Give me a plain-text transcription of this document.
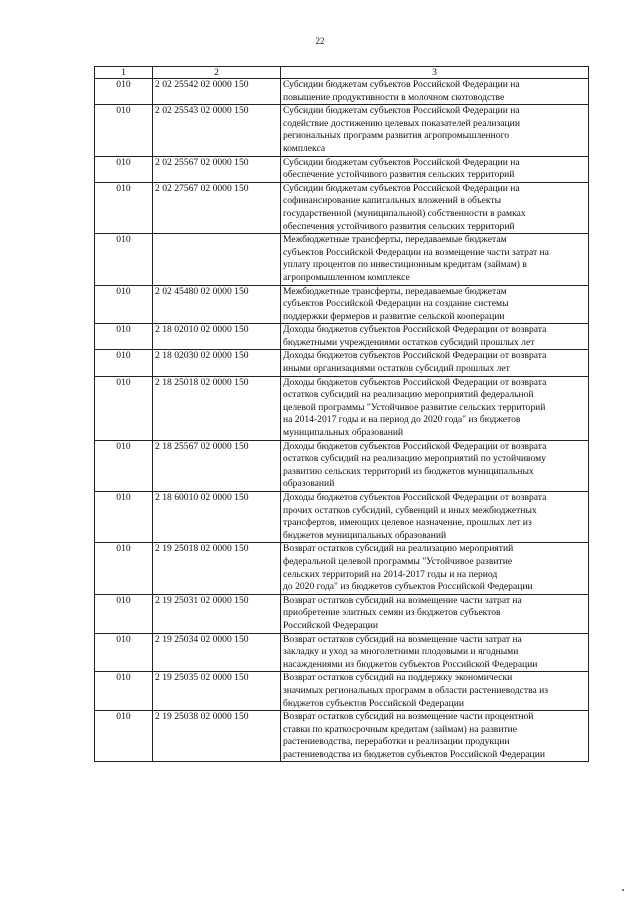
22
1	2	3
010	2 02 25542 02 0000 150	Субсидии бюджетам субъектов Российской Федерации на
повышение продуктивности в молочном скотоводстве

010	2 02 25543 02 0000 150	Субсидии бюджетам субъектов Российской Федерации на
содействие достижению целевых показателей реализации
региональных программ развития агропромышленного
комплекса

010	2 02 25567 02 0000 150	Субсидии бюджетам субъектов Российской Федерации на
обеспечение устойчивого развития сельских территорий

010	2 02 27567 02 0000 150	Субсидии бюджетам субъектов Российской Федерации на
софинансирование капитальных вложений в объекты
государственной (муниципальной) собственности в рамках
обеспечения устойчивого развития сельских территорий

010		Межбюджетные трансферты, передаваемые бюджетам
субъектов Российской Федерации на возмещение части затрат на
уплату процентов по инвестиционным кредитам (займам) в
агропромышленном комплексе

010	2 02 45480 02 0000 150	Межбюджетные трансферты, передаваемые бюджетам
субъектов Российской Федерации на создание системы
поддержки фермеров и развитие сельской кооперации

010	2 18 02010 02 0000 150	Доходы бюджетов субъектов Российской Федерации от возврата
бюджетными учреждениями остатков субсидий прошлых лет

010	2 18 02030 02 0000 150	Доходы бюджетов субъектов Российской Федерации от возврата
иными организациями остатков субсидий прошлых лет

010	2 18 25018 02 0000 150	Доходы бюджетов субъектов Российской Федерации от возврата
остатков субсидий на реализацию мероприятий федеральной
целевой программы "Устойчивое развитие сельских территорий
на 2014-2017 годы и на период до 2020 года" из бюджетов
муниципальных образований

010	2 18 25567 02 0000 150	Доходы бюджетов субъектов Российской Федерации от возврата
остатков субсидий на реализацию мероприятий по устойчивому
развитию сельских территорий из бюджетов муниципальных
образований

010	2 18 60010 02 0000 150	Доходы бюджетов субъектов Российской Федерации от возврата
прочих остатков субсидий, субвенций и иных межбюджетных
трансфертов, имеющих целевое назначение, прошлых лет из
бюджетов муниципальных образований

010	2 19 25018 02 0000 150	Возврат остатков субсидий на реализацию мероприятий
федеральной целевой программы "Устойчивое развитие
сельских территорий на 2014-2017 годы и на период
до 2020 года" из бюджетов субъектов Российской Федерации

010	2 19 25031 02 0000 150	Возврат остатков субсидий на возмещение части затрат на
приобретение элитных семян из бюджетов субъектов
Российской Федерации

010	2 19 25034 02 0000 150	Возврат остатков субсидий на возмещение части затрат на
закладку и уход за многолетними плодовыми и ягодными
насаждениями из бюджетов субъектов Российской Федерации

010	2 19 25035 02 0000 150	Возврат остатков субсидий на поддержку экономически
значимых региональных программ в области растениеводства из
бюджетов субъектов Российской Федерации

010	2 19 25038 02 0000 150	Возврат остатков субсидий на возмещение части процентной
ставки по краткосрочным кредитам (займам) на развитие
растениеводства, переработки и реализации продукции
растениеводства из бюджетов субъектов Российской Федерации
